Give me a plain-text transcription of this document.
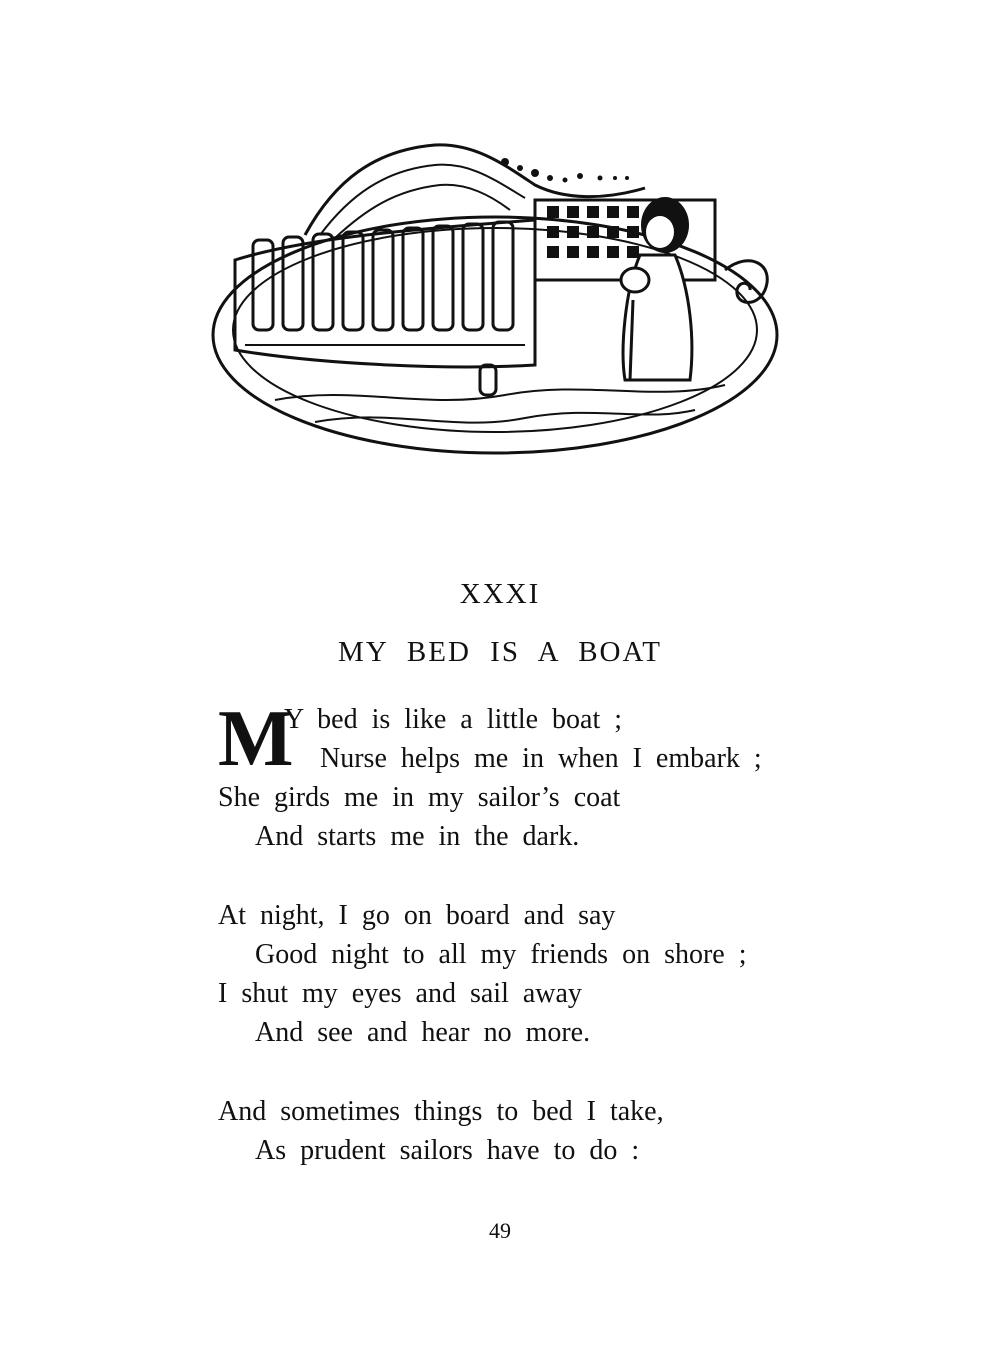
XXXI
MY BED IS A BOAT
M
Y bed is like a little boat ;
Nurse helps me in when I embark ;
She girds me in my sailor’s coat
And starts me in the dark.
At night, I go on board and say
Good night to all my friends on shore ;
I shut my eyes and sail away
And see and hear no more.
And sometimes things to bed I take,
As prudent sailors have to do :
49
